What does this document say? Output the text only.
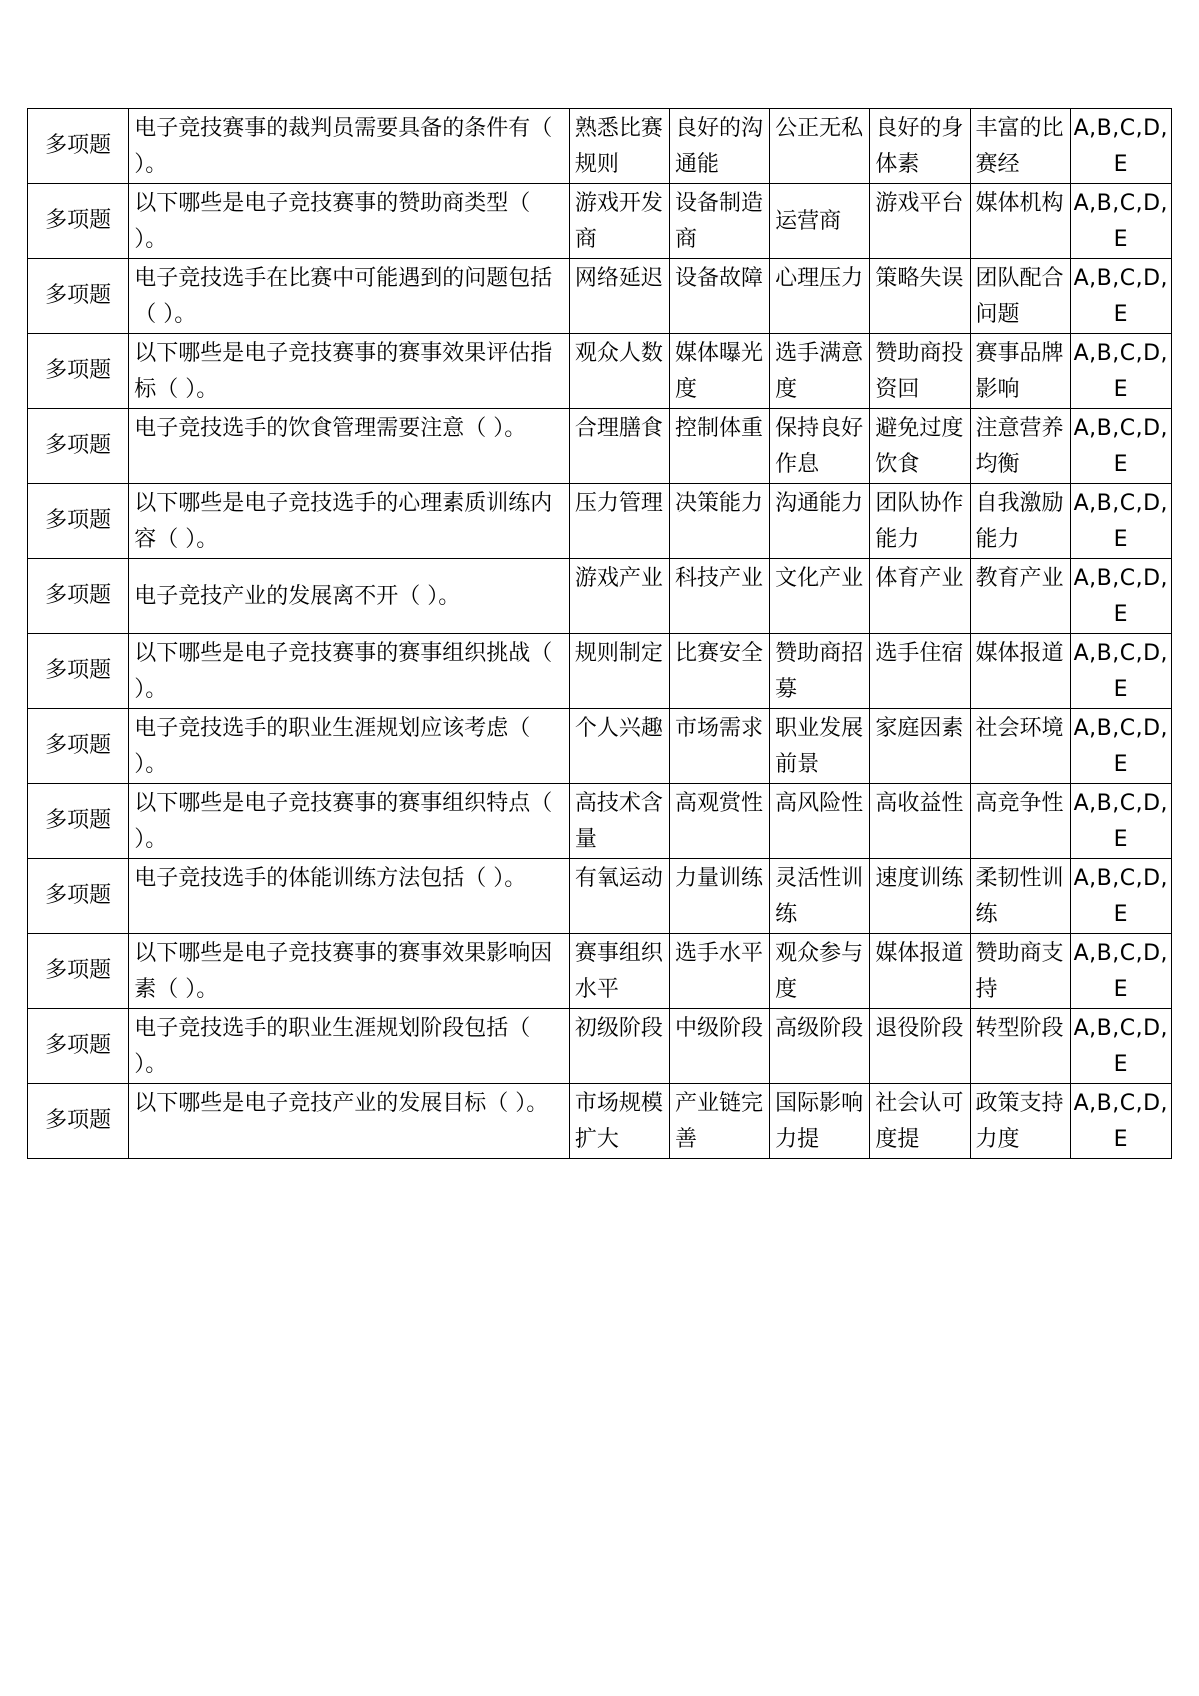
多项题	电子竞技赛事的裁判员需要具备的条件有（ ）。	熟悉比赛规则	良好的沟通能	公正无私	良好的身体素	丰富的比赛经	A,B,C,D,E
多项题	以下哪些是电子竞技赛事的赞助商类型（ ）。	游戏开发商	设备制造商	运营商	游戏平台	媒体机构	A,B,C,D,E
多项题	电子竞技选手在比赛中可能遇到的问题包括（ ）。	网络延迟	设备故障	心理压力	策略失误	团队配合问题	A,B,C,D,E
多项题	以下哪些是电子竞技赛事的赛事效果评估指标（ ）。	观众人数	媒体曝光度	选手满意度	赞助商投资回	赛事品牌影响	A,B,C,D,E
多项题	电子竞技选手的饮食管理需要注意（ ）。	合理膳食	控制体重	保持良好作息	避免过度饮食	注意营养均衡	A,B,C,D,E
多项题	以下哪些是电子竞技选手的心理素质训练内容（ ）。	压力管理	决策能力	沟通能力	团队协作能力	自我激励能力	A,B,C,D,E
多项题	电子竞技产业的发展离不开（ ）。	游戏产业	科技产业	文化产业	体育产业	教育产业	A,B,C,D,E
多项题	以下哪些是电子竞技赛事的赛事组织挑战（ ）。	规则制定	比赛安全	赞助商招募	选手住宿	媒体报道	A,B,C,D,E
多项题	电子竞技选手的职业生涯规划应该考虑（ ）。	个人兴趣	市场需求	职业发展前景	家庭因素	社会环境	A,B,C,D,E
多项题	以下哪些是电子竞技赛事的赛事组织特点（ ）。	高技术含量	高观赏性	高风险性	高收益性	高竞争性	A,B,C,D,E
多项题	电子竞技选手的体能训练方法包括（ ）。	有氧运动	力量训练	灵活性训练	速度训练	柔韧性训练	A,B,C,D,E
多项题	以下哪些是电子竞技赛事的赛事效果影响因素（ ）。	赛事组织水平	选手水平	观众参与度	媒体报道	赞助商支持	A,B,C,D,E
多项题	电子竞技选手的职业生涯规划阶段包括（ ）。	初级阶段	中级阶段	高级阶段	退役阶段	转型阶段	A,B,C,D,E
多项题	以下哪些是电子竞技产业的发展目标（ ）。	市场规模扩大	产业链完善	国际影响力提	社会认可度提	政策支持力度	A,B,C,D,E
